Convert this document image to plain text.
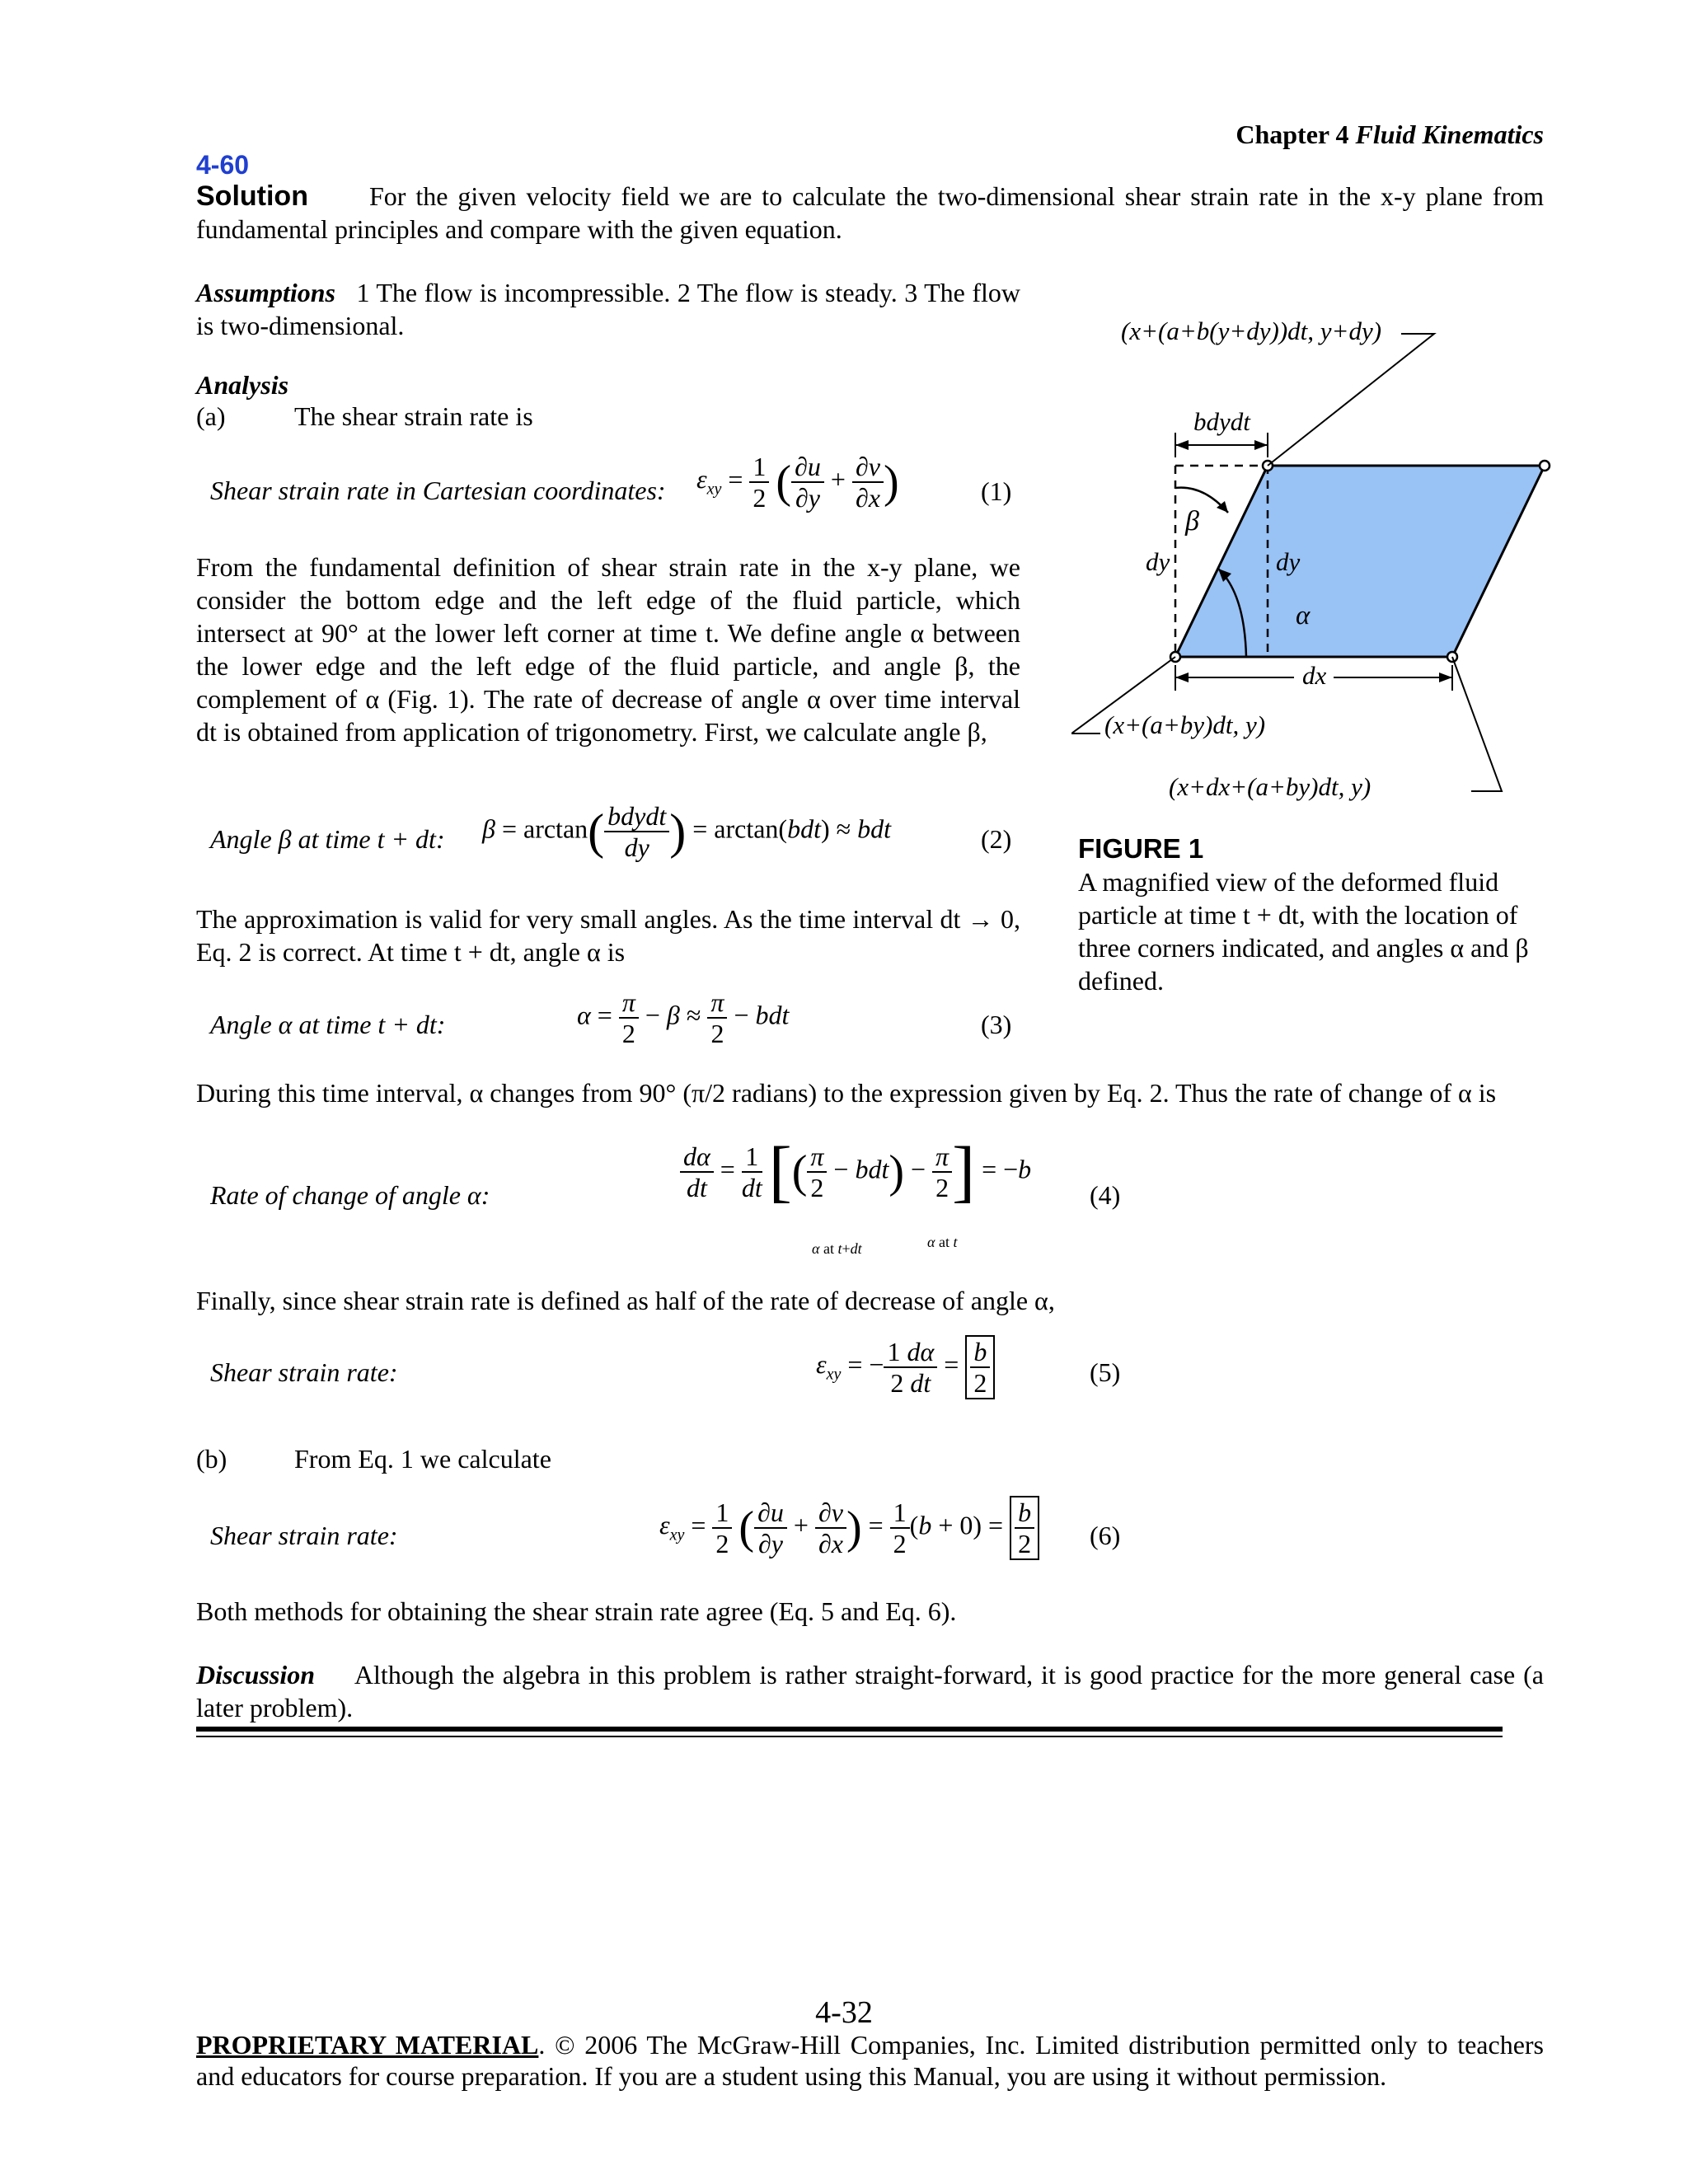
Chapter 4 Fluid Kinematics
4-60
Solution	For the given velocity field we are to calculate the two-dimensional shear strain rate in the x-y plane from fundamental principles and compare with the given equation.
Assumptions 1 The flow is incompressible. 2 The flow is steady. 3 The flow is two-dimensional.
Analysis
(a)	The shear strain rate is
Shear strain rate in Cartesian coordinates: $\varepsilon_{xy} = \frac{1}{2}$ ( $\frac{\partial u}{\partial y} + \frac{\partial v}{\partial x}$ )	(1)
From the fundamental definition of shear strain rate in the x-y plane, we consider the bottom edge and the left edge of the fluid particle, which intersect at 90° at the lower left corner at time t. We define angle α between the lower edge and the left edge of the fluid particle, and angle β, the complement of α (Fig. 1). The rate of decrease of angle α over time interval dt is obtained from application of trigonometry. First, we calculate angle β,
Angle β at time t + dt: $\beta = \arctan( \frac{\text{bdydt}}{dy}$ ) = arctan(bdt) ≈ bdt	(2)
The approximation is valid for very small angles. As the time interval dt → 0, Eq. 2 is correct. At time t + dt, angle α is
Angle α at time t + dt:	$\alpha = \frac{\pi}{2} - \beta \approx \frac{\pi}{2}$ − bdt	(3)
During this time interval, α changes from 90° (π/2 radians) to the expression given by Eq. 2. Thus the rate of change of α is
Rate of change of angle α:	$\frac{d\alpha}{dt} = \frac{1}{dt}$ [( $\frac{\pi}{2} - bdt) - \frac{\pi}{2}$ ] = −b
α at t+dt	α at t
(4)
Finally, since shear strain rate is defined as half of the rate of decrease of angle α,
Shear strain rate:	$\varepsilon_{xy}$ = − $\frac{1 d\alpha}{2 dt} = \frac{b}{2}$	(5)
(b)	From Eq. 1 we calculate
Shear strain rate:	$\varepsilon_{xy} = \frac{1}{2}$ ( $\frac{\partial u}{\partial y} + \frac{\partial v}{\partial x}$ ) = $\frac{1}{2} (b + 0) = \frac{b}{2} (6)$
Both methods for obtaining the shear strain rate agree (Eq. 5 and Eq. 6).
Discussion Although the algebra in this problem is rather straight-forward, it is good practice for the more general case (a later problem).
(x+(a+b(y+dy))dt, y+dy)
bdydt
β
dy	dy
dx
(x+(a+by)dt, y)
(x+dx+(a+by)dt, y)
α
FIGURE 1
A magnified view of the deformed fluid particle at time t + dt, with the location of three corners indicated, and angles α and β defined.
4-32
PROPRIETARY MATERIAL. © 2006 The McGraw-Hill Companies, Inc. Limited distribution permitted only to teachers and educators for course preparation. If you are a student using this Manual, you are using it without permission.
